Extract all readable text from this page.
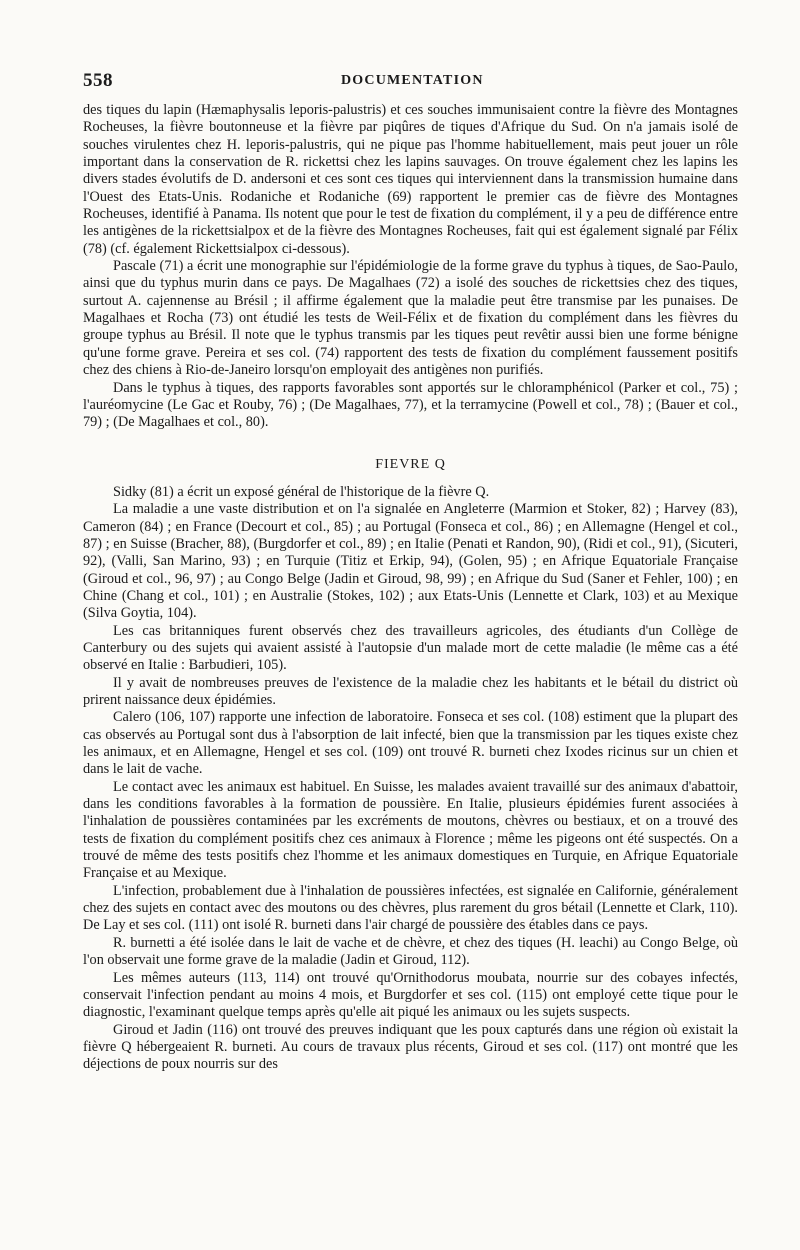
558	DOCUMENTATION

des tiques du lapin (Hæmaphysalis leporis-palustris) et ces souches immunisaient contre la fièvre des Montagnes Rocheuses, la fièvre boutonneuse et la fièvre par piqûres de tiques d'Afrique du Sud. On n'a jamais isolé de souches virulentes chez H. leporis-palustris, qui ne pique pas l'homme habituellement, mais peut jouer un rôle important dans la conservation de R. rickettsi chez les lapins sauvages. On trouve également chez les lapins les divers stades évolutifs de D. andersoni et ces sont ces tiques qui interviennent dans la transmission humaine dans l'Ouest des Etats-Unis. Rodaniche et Rodaniche (69) rapportent le premier cas de fièvre des Montagnes Rocheuses, identifié à Panama. Ils notent que pour le test de fixation du complément, il y a peu de différence entre les antigènes de la rickettsialpox et de la fièvre des Montagnes Rocheuses, fait qui est également signalé par Félix (78) (cf. également Rickettsialpox ci-dessous).

Pascale (71) a écrit une monographie sur l'épidémiologie de la forme grave du typhus à tiques, de Sao-Paulo, ainsi que du typhus murin dans ce pays. De Magalhaes (72) a isolé des souches de rickettsies chez des tiques, surtout A. cajennense au Brésil ; il affirme également que la maladie peut être transmise par les punaises. De Magalhaes et Rocha (73) ont étudié les tests de Weil-Félix et de fixation du complément dans les fièvres du groupe typhus au Brésil. Il note que le typhus transmis par les tiques peut revêtir aussi bien une forme bénigne qu'une forme grave. Pereira et ses col. (74) rapportent des tests de fixation du complément faussement positifs chez des chiens à Rio-de-Janeiro lorsqu'on employait des antigènes non purifiés.

Dans le typhus à tiques, des rapports favorables sont apportés sur le chloramphénicol (Parker et col., 75) ; l'auréomycine (Le Gac et Rouby, 76) ; (De Magalhaes, 77), et la terramycine (Powell et col., 78) ; (Bauer et col., 79) ; (De Magalhaes et col., 80).

FIEVRE Q

Sidky (81) a écrit un exposé général de l'historique de la fièvre Q.

La maladie a une vaste distribution et on l'a signalée en Angleterre (Marmion et Stoker, 82) ; Harvey (83), Cameron (84) ; en France (Decourt et col., 85) ; au Portugal (Fonseca et col., 86) ; en Allemagne (Hengel et col., 87) ; en Suisse (Bracher, 88), (Burgdorfer et col., 89) ; en Italie (Penati et Randon, 90), (Ridi et col., 91), (Sicuteri, 92), (Valli, San Marino, 93) ; en Turquie (Titiz et Erkip, 94), (Golen, 95) ; en Afrique Equatoriale Française (Giroud et col., 96, 97) ; au Congo Belge (Jadin et Giroud, 98, 99) ; en Afrique du Sud (Saner et Fehler, 100) ; en Chine (Chang et col., 101) ; en Australie (Stokes, 102) ; aux Etats-Unis (Lennette et Clark, 103) et au Mexique (Silva Goytia, 104).

Les cas britanniques furent observés chez des travailleurs agricoles, des étudiants d'un Collège de Canterbury ou des sujets qui avaient assisté à l'autopsie d'un malade mort de cette maladie (le même cas a été observé en Italie : Barbudieri, 105).

Il y avait de nombreuses preuves de l'existence de la maladie chez les habitants et le bétail du district où prirent naissance deux épidémies.

Calero (106, 107) rapporte une infection de laboratoire. Fonseca et ses col. (108) estiment que la plupart des cas observés au Portugal sont dus à l'absorption de lait infecté, bien que la transmission par les tiques existe chez les animaux, et en Allemagne, Hengel et ses col. (109) ont trouvé R. burneti chez Ixodes ricinus sur un chien et dans le lait de vache.

Le contact avec les animaux est habituel. En Suisse, les malades avaient travaillé sur des animaux d'abattoir, dans les conditions favorables à la formation de poussière. En Italie, plusieurs épidémies furent associées à l'inhalation de poussières contaminées par les excréments de moutons, chèvres ou bestiaux, et on a trouvé des tests de fixation du complément positifs chez ces animaux à Florence ; même les pigeons ont été suspectés. On a trouvé de même des tests positifs chez l'homme et les animaux domestiques en Turquie, en Afrique Equatoriale Française et au Mexique.

L'infection, probablement due à l'inhalation de poussières infectées, est signalée en Californie, généralement chez des sujets en contact avec des moutons ou des chèvres, plus rarement du gros bétail (Lennette et Clark, 110). De Lay et ses col. (111) ont isolé R. burneti dans l'air chargé de poussière des étables dans ce pays.

R. burnetti a été isolée dans le lait de vache et de chèvre, et chez des tiques (H. leachi) au Congo Belge, où l'on observait une forme grave de la maladie (Jadin et Giroud, 112).

Les mêmes auteurs (113, 114) ont trouvé qu'Ornithodorus moubata, nourrie sur des cobayes infectés, conservait l'infection pendant au moins 4 mois, et Burgdorfer et ses col. (115) ont employé cette tique pour le diagnostic, l'examinant quelque temps après qu'elle ait piqué les animaux ou les sujets suspects.

Giroud et Jadin (116) ont trouvé des preuves indiquant que les poux capturés dans une région où existait la fièvre Q hébergeaient R. burneti. Au cours de travaux plus récents, Giroud et ses col. (117) ont montré que les déjections de poux nourris sur des
